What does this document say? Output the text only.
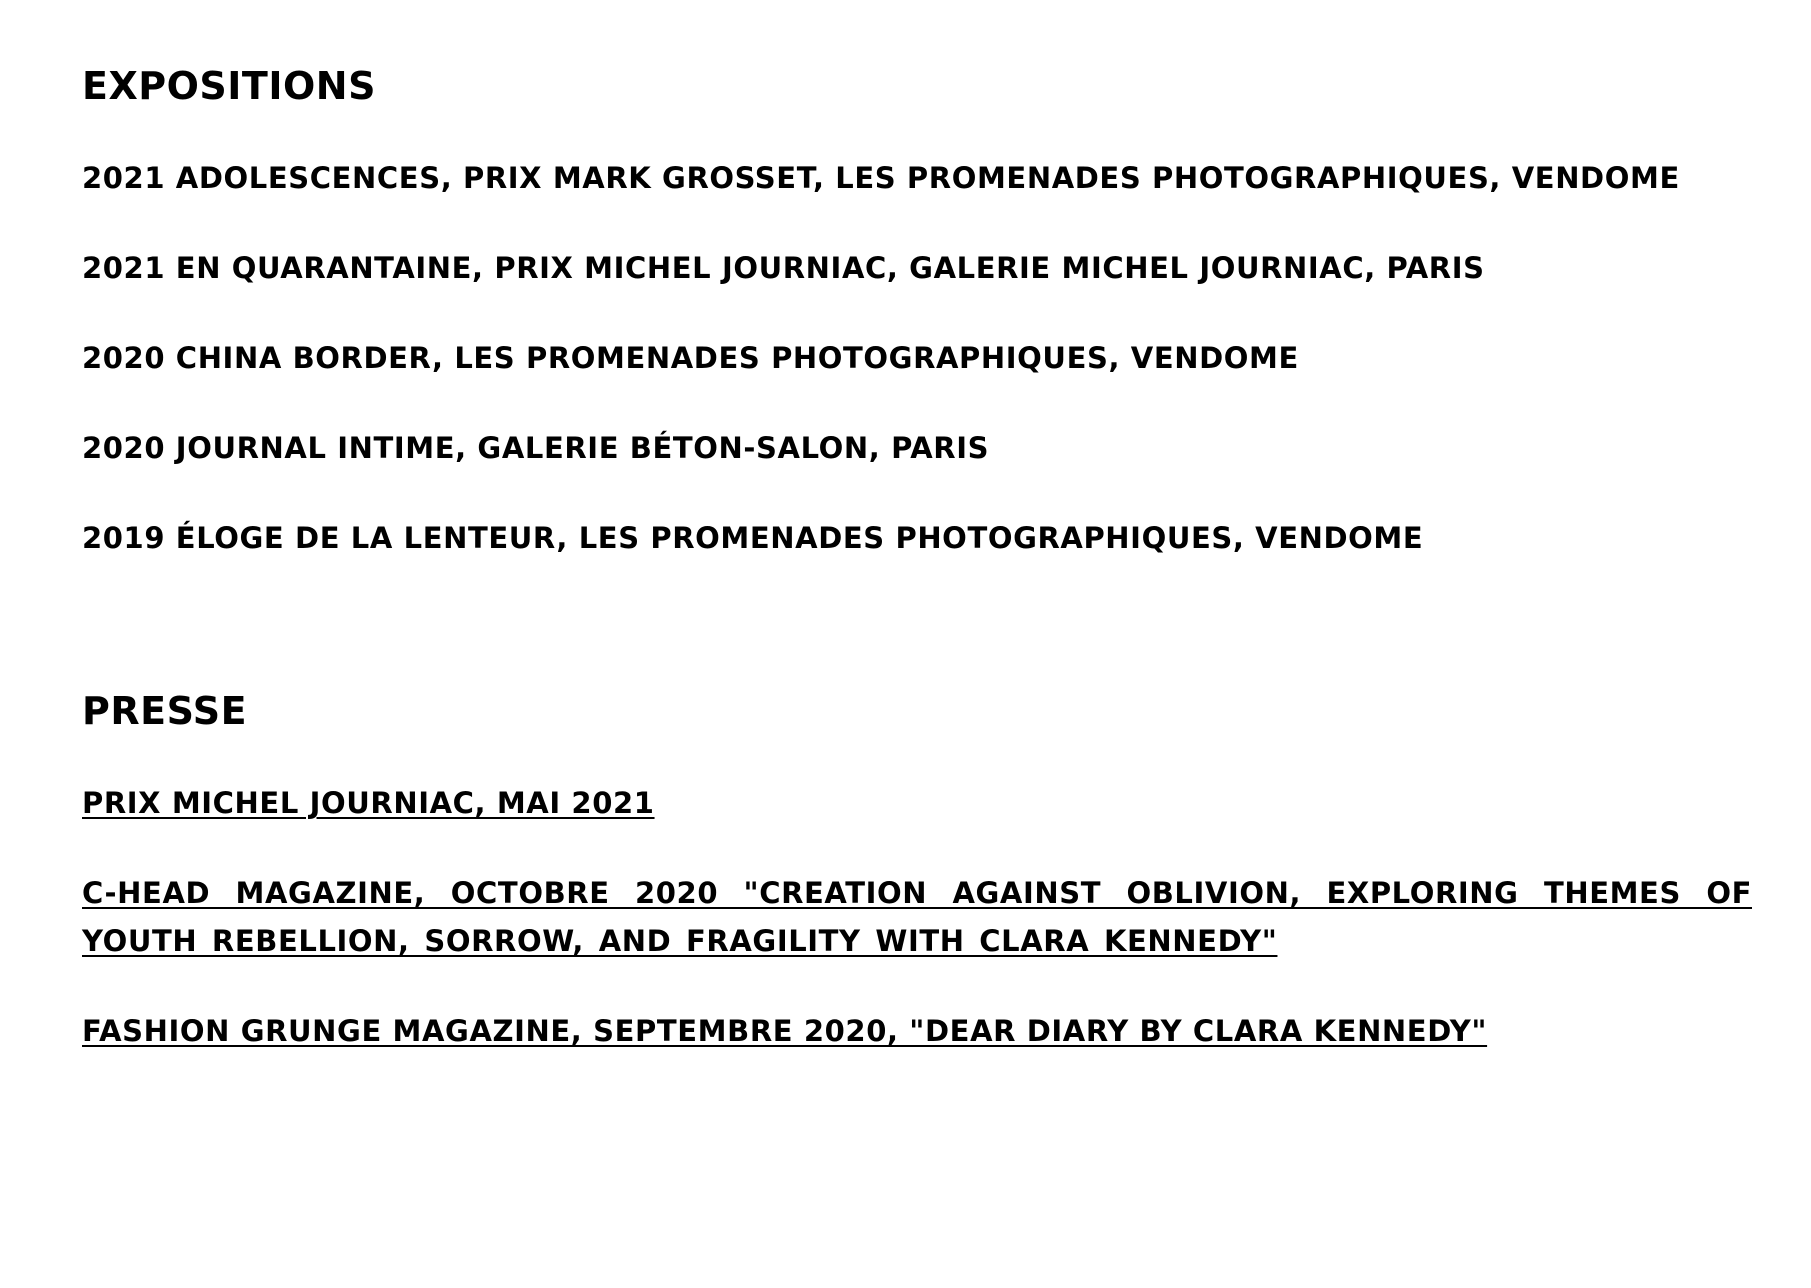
EXPOSITIONS
2021 ADOLESCENCES, PRIX MARK GROSSET, LES PROMENADES PHOTOGRAPHIQUES, VENDOME
2021 EN QUARANTAINE, PRIX MICHEL JOURNIAC, GALERIE MICHEL JOURNIAC, PARIS
2020 CHINA BORDER, LES PROMENADES PHOTOGRAPHIQUES, VENDOME
2020 JOURNAL INTIME, GALERIE BÉTON-SALON, PARIS
2019 ÉLOGE DE LA LENTEUR, LES PROMENADES PHOTOGRAPHIQUES, VENDOME
PRESSE
PRIX MICHEL JOURNIAC, MAI 2021
C-HEAD MAGAZINE, OCTOBRE 2020 "CREATION AGAINST OBLIVION, EXPLORING THEMES OF YOUTH REBELLION, SORROW, AND FRAGILITY WITH CLARA KENNEDY"
FASHION GRUNGE MAGAZINE, SEPTEMBRE 2020, "DEAR DIARY BY CLARA KENNEDY"
